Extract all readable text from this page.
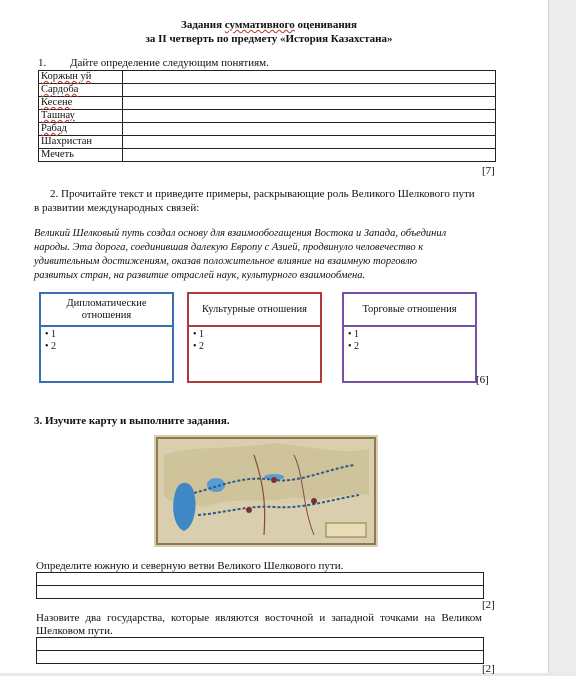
Задания суммативного оценивания
за II четверть по предмету «История Казахстана»
1. Дайте определение следующим понятиям.
Коржын уй	
Сардоба	
Кесене	
Ташнау	
Рабад	
Шахристан	
Мечеть	
[7]
2. Прочитайте текст и приведите примеры, раскрывающие роль Великого Шелкового пути
в развитии международных связей:
Великий Шелковый путь создал основу для взаимообогащения Востока и Запада, объединил
народы. Эта дорога, соединившая далекую Европу с Азией, продвинуло человечество к
удивительным достижениям, оказав положительное влияние на взаимную торговлю
развитых стран, на развитие отраслей наук, культурного взаимообмена.
Дипломатические отношения
• 1
• 2
Культурные отношения
• 1
• 2
Торговые отношения
• 1
• 2
[6]
3. Изучите карту и выполните задания.
Определите южную и северную ветви Великого Шелкового пути.
[2]
Назовите два государства, которые являются восточной и западной точками на Великом
Шелковом пути.
[2]
